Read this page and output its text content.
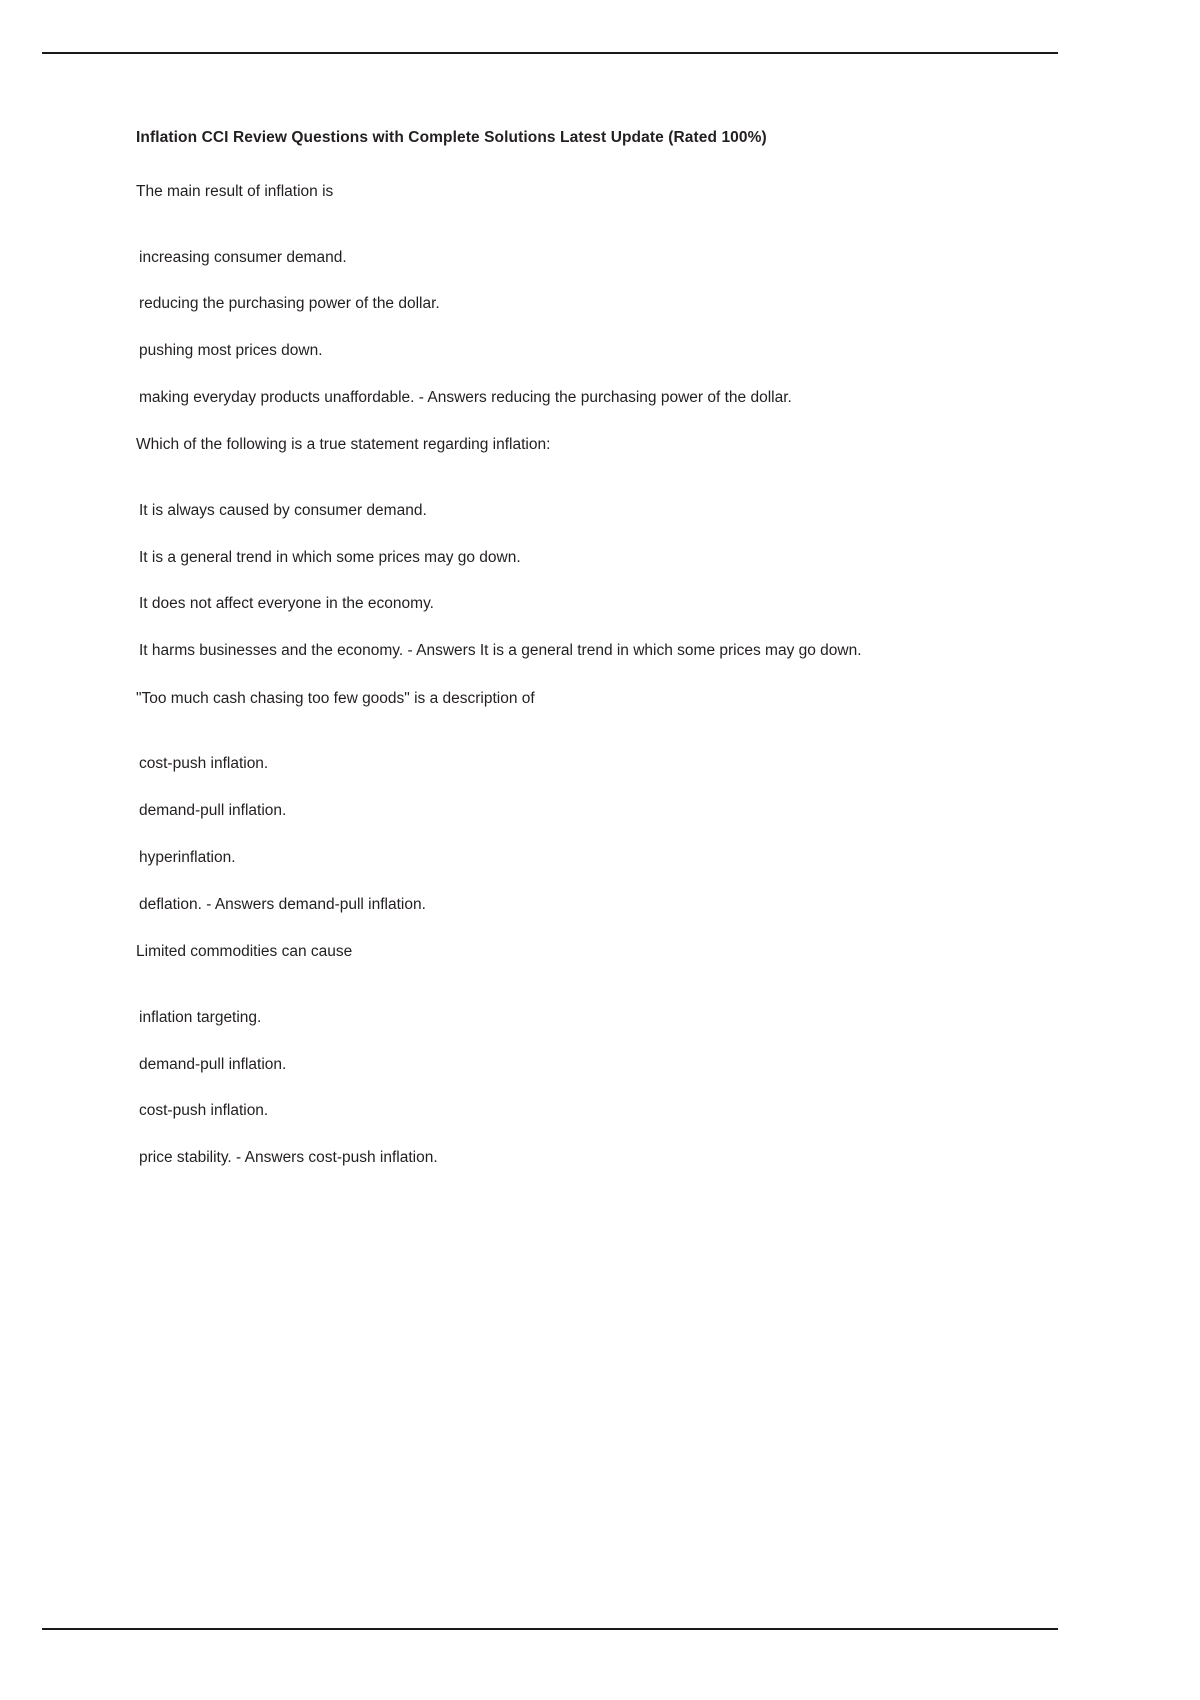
Inflation CCI Review Questions with Complete Solutions Latest Update (Rated 100%)

The main result of inflation is

increasing consumer demand.

reducing the purchasing power of the dollar.

pushing most prices down.

making everyday products unaffordable. - Answers reducing the purchasing power of the dollar.

Which of the following is a true statement regarding inflation:

It is always caused by consumer demand.

It is a general trend in which some prices may go down.

It does not affect everyone in the economy.

It harms businesses and the economy. - Answers It is a general trend in which some prices may go down.

"Too much cash chasing too few goods" is a description of

cost-push inflation.

demand-pull inflation.

hyperinflation.

deflation. - Answers demand-pull inflation.

Limited commodities can cause

inflation targeting.

demand-pull inflation.

cost-push inflation.

price stability. - Answers cost-push inflation.
